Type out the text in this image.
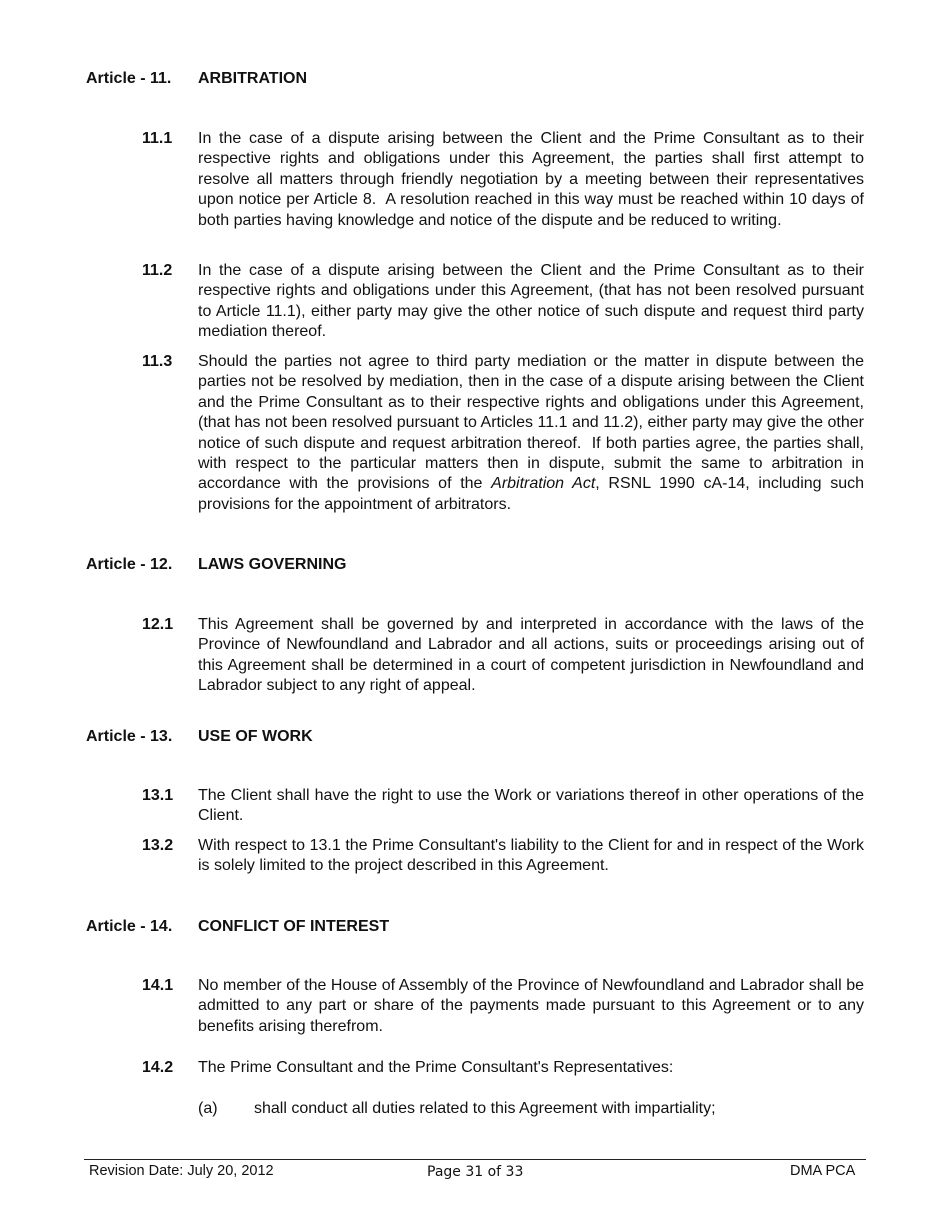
Article - 11. ARBITRATION
11.1 In the case of a dispute arising between the Client and the Prime Consultant as to their respective rights and obligations under this Agreement, the parties shall first attempt to resolve all matters through friendly negotiation by a meeting between their representatives upon notice per Article 8.  A resolution reached in this way must be reached within 10 days of both parties having knowledge and notice of the dispute and be reduced to writing.
11.2 In the case of a dispute arising between the Client and the Prime Consultant as to their respective rights and obligations under this Agreement, (that has not been resolved pursuant to Article 11.1), either party may give the other notice of such dispute and request third party mediation thereof.
11.3 Should the parties not agree to third party mediation or the matter in dispute between the parties not be resolved by mediation, then in the case of a dispute arising between the Client and the Prime Consultant as to their respective rights and obligations under this Agreement, (that has not been resolved pursuant to Articles 11.1 and 11.2), either party may give the other notice of such dispute and request arbitration thereof.  If both parties agree, the parties shall, with respect to the particular matters then in dispute, submit the same to arbitration in accordance with the provisions of the Arbitration Act, RSNL 1990 cA-14, including such provisions for the appointment of arbitrators.
Article - 12. LAWS GOVERNING
12.1 This Agreement shall be governed by and interpreted in accordance with the laws of the Province of Newfoundland and Labrador and all actions, suits or proceedings arising out of this Agreement shall be determined in a court of competent jurisdiction in Newfoundland and Labrador subject to any right of appeal.
Article - 13. USE OF WORK
13.1 The Client shall have the right to use the Work or variations thereof in other operations of the Client.
13.2 With respect to 13.1 the Prime Consultant's liability to the Client for and in respect of the Work is solely limited to the project described in this Agreement.
Article - 14. CONFLICT OF INTEREST
14.1 No member of the House of Assembly of the Province of Newfoundland and Labrador shall be admitted to any part or share of the payments made pursuant to this Agreement or to any benefits arising therefrom.
14.2 The Prime Consultant and the Prime Consultant's Representatives:
(a) shall conduct all duties related to this Agreement with impartiality;
Revision Date: July 20, 2012	Page 31 of 33	DMA PCA
